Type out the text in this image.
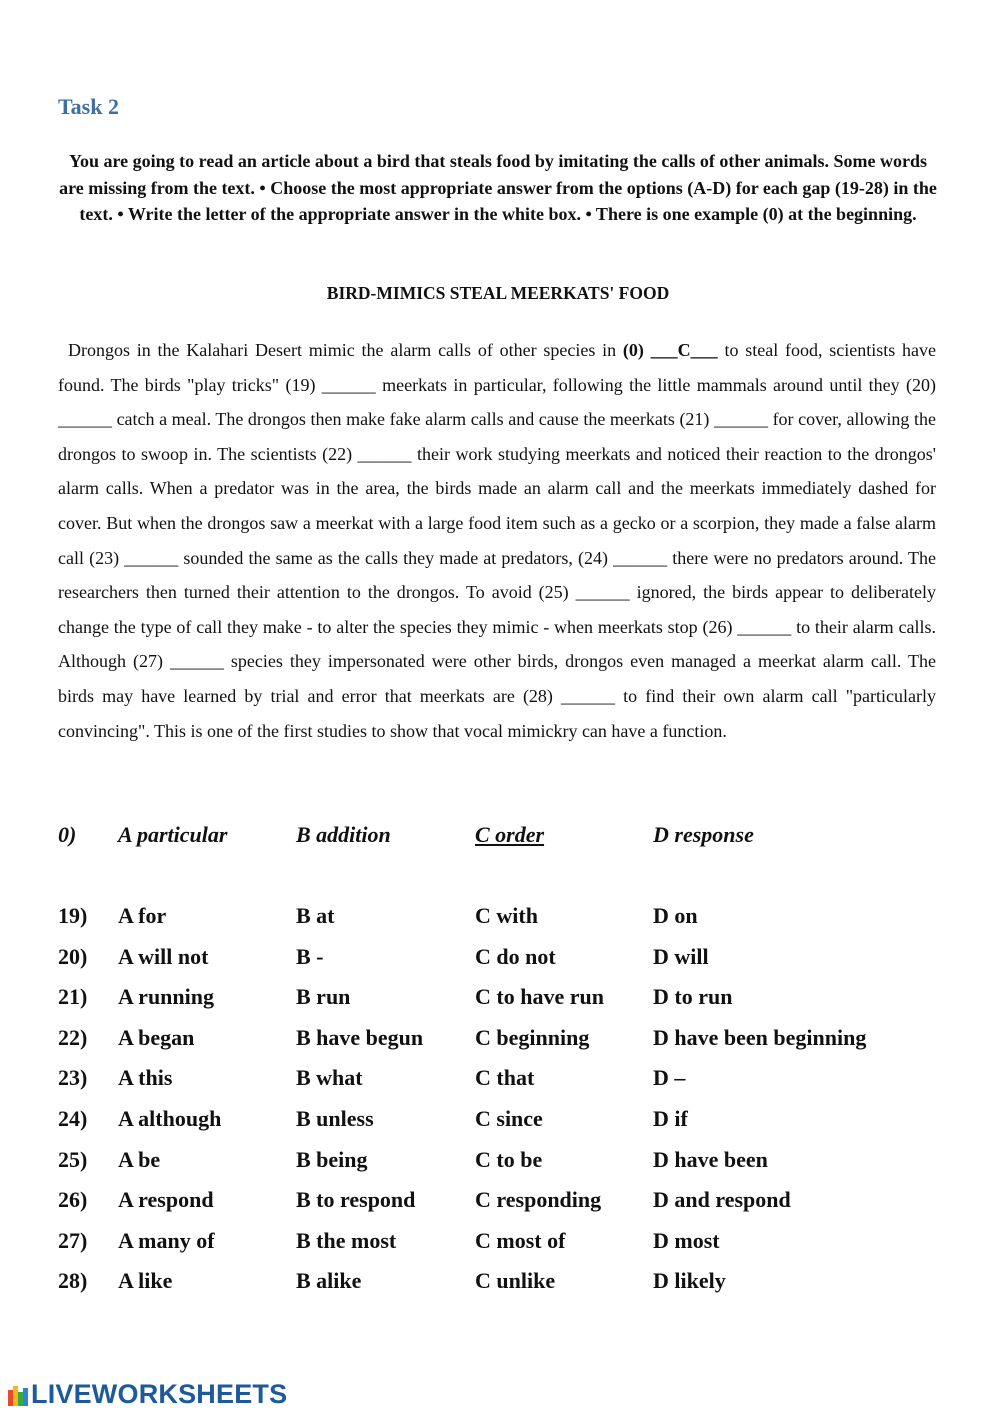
Task 2
You are going to read an article about a bird that steals food by imitating the calls of other animals. Some words are missing from the text. • Choose the most appropriate answer from the options (A-D) for each gap (19-28) in the text. • Write the letter of the appropriate answer in the white box. • There is one example (0) at the beginning.
BIRD-MIMICS STEAL MEERKATS' FOOD
Drongos in the Kalahari Desert mimic the alarm calls of other species in (0) ___C___ to steal food, scientists have found. The birds "play tricks" (19) ______ meerkats in particular, following the little mammals around until they (20) ______ catch a meal. The drongos then make fake alarm calls and cause the meerkats (21) ______ for cover, allowing the drongos to swoop in. The scientists (22) ______ their work studying meerkats and noticed their reaction to the drongos' alarm calls. When a predator was in the area, the birds made an alarm call and the meerkats immediately dashed for cover. But when the drongos saw a meerkat with a large food item such as a gecko or a scorpion, they made a false alarm call (23) ______ sounded the same as the calls they made at predators, (24) ______ there were no predators around. The researchers then turned their attention to the drongos. To avoid (25) ______ ignored, the birds appear to deliberately change the type of call they make - to alter the species they mimic - when meerkats stop (26) ______ to their alarm calls. Although (27) ______ species they impersonated were other birds, drongos even managed a meerkat alarm call. The birds may have learned by trial and error that meerkats are (28) ______ to find their own alarm call "particularly convincing". This is one of the first studies to show that vocal mimickry can have a function.
0) A particular	B addition	C order	D response
19) A for	B at	C with	D on
20) A will not	B -	C do not	D will
21) A running	B run	C to have run D to run
22) A began	B have begun C beginning	D have been beginning
23) A this	B what	C that	D –
24) A although	B unless	C since	D if
25) A be	B being	C to be	D have been
26) A respond	B to respond	C responding D and respond
27) A many of	B the most	C most of	D most
28) A like	B alike	C unlike	D likely
LIVEWORKSHEETS
